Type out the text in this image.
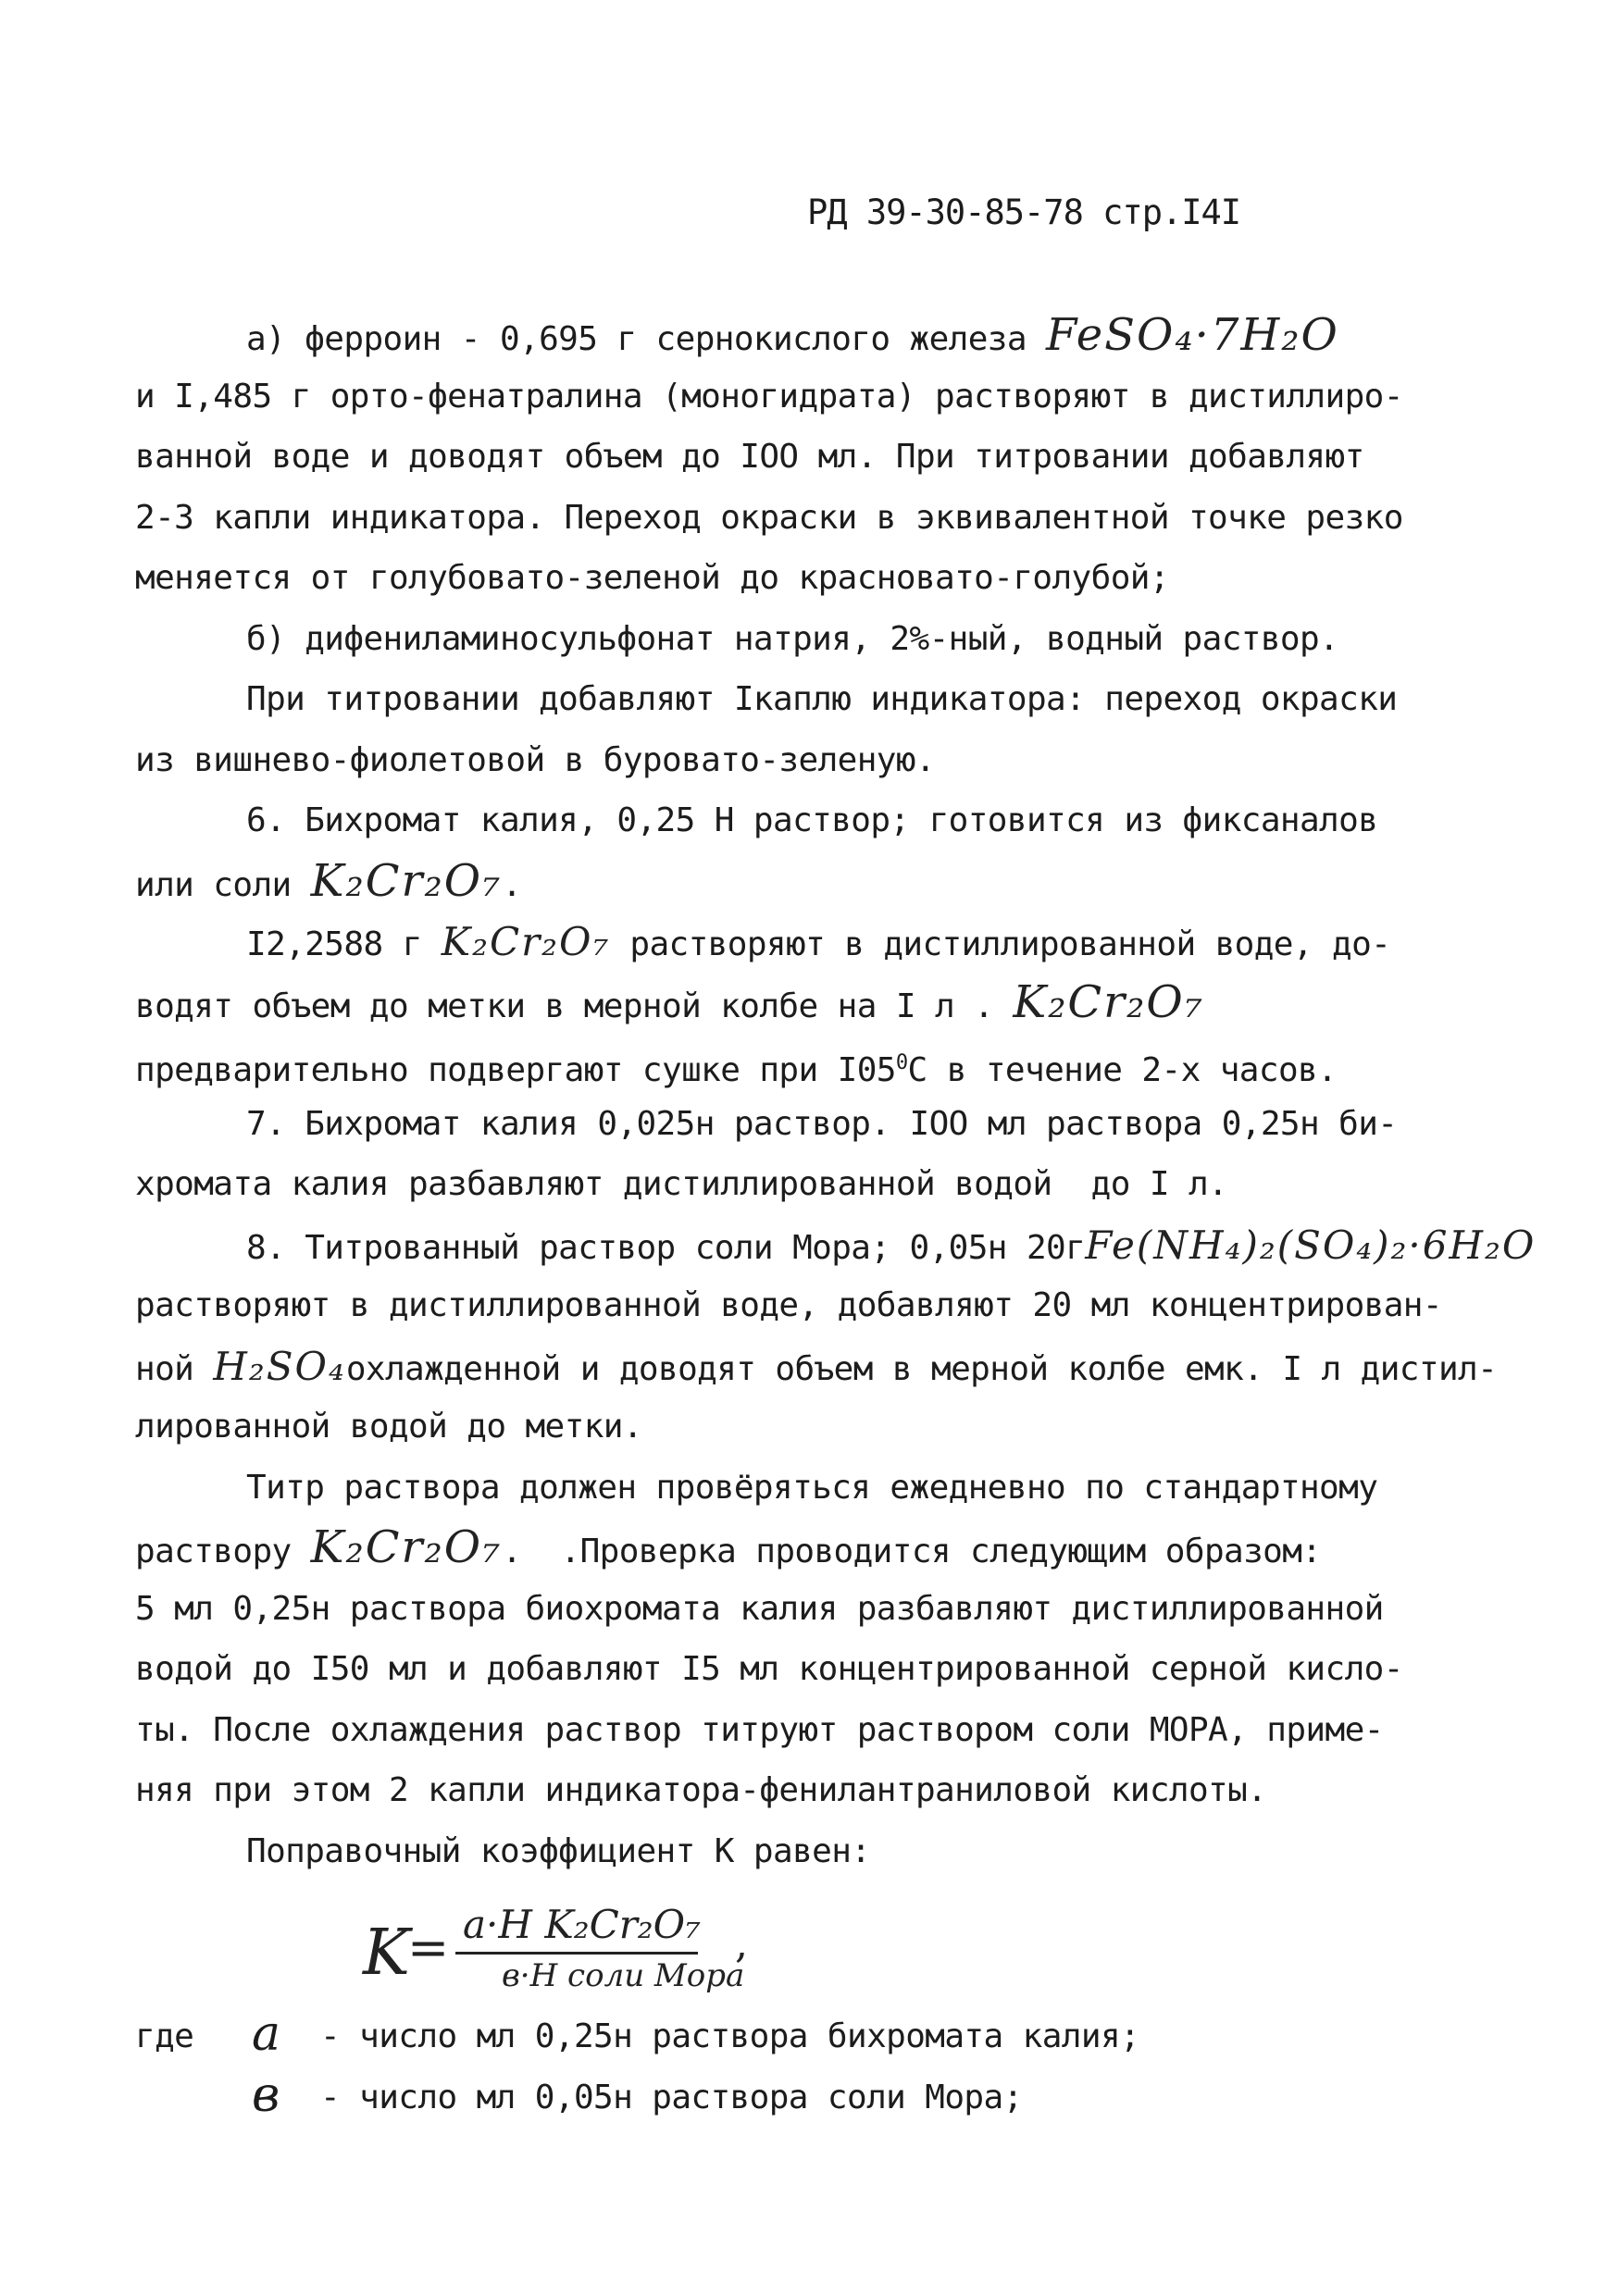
РД 39-30-85-78 стр.I4I
а) ферроин - 0,695 г сернокислого железа FeSO₄·7H₂O
и I,485 г орто-фенатралина (моногидрата) растворяют в дистиллиро-
ванной воде и доводят объем до IOO мл. При титровании добавляют
2-3 капли индикатора. Переход окраски в эквивалентной точке резко
меняется от голубовато-зеленой до красновато-голубой;
б) дифениламиносульфонат натрия, 2%-ный, водный раствор.
При титровании добавляют Iкаплю индикатора: переход окраски
из вишнево-фиолетовой в буровато-зеленую.
6. Бихромат калия, 0,25 Н раствор; готовится из фиксаналов
или соли K₂Cr₂O₇.
I2,2588 г K₂Cr₂O₇ растворяют в дистиллированной воде, до-
водят объем до метки в мерной колбе на I л . K₂Cr₂O₇
предварительно подвергают сушке при $I05^0С$ в течение 2-х часов.
7. Бихромат калия 0,025н раствор. IOO мл раствора 0,25н би-
хромата калия разбавляют дистиллированной водой  до I л.
8. Титрованный раствор соли Мора; 0,05н 20гFe(NH₄)₂(SO₄)₂·6H₂O
растворяют в дистиллированной воде, добавляют 20 мл концентрирован-
ной H₂SO₄охлажденной и доводят объем в мерной колбе емк. I л дистил-
лированной водой до метки.
Титр раствора должен провёряться ежедневно по стандартному
раствору K₂Cr₂O₇.  .Проверка проводится следующим образом:
5 мл 0,25н раствора биохромата калия разбавляют дистиллированной
водой до I50 мл и добавляют I5 мл концентрированной серной кисло-
ты. После охлаждения раствор титруют раствором соли МОРА, приме-
няя при этом 2 капли индикатора-фенилантраниловой кислоты.
Поправочный коэффициент К равен:
K
= a·H K₂Cr₂O₇
в·H соли Мора
,

где

a

- число мл 0,25н раствора бихромата калия;

в

- число мл 0,05н раствора соли Мора;
